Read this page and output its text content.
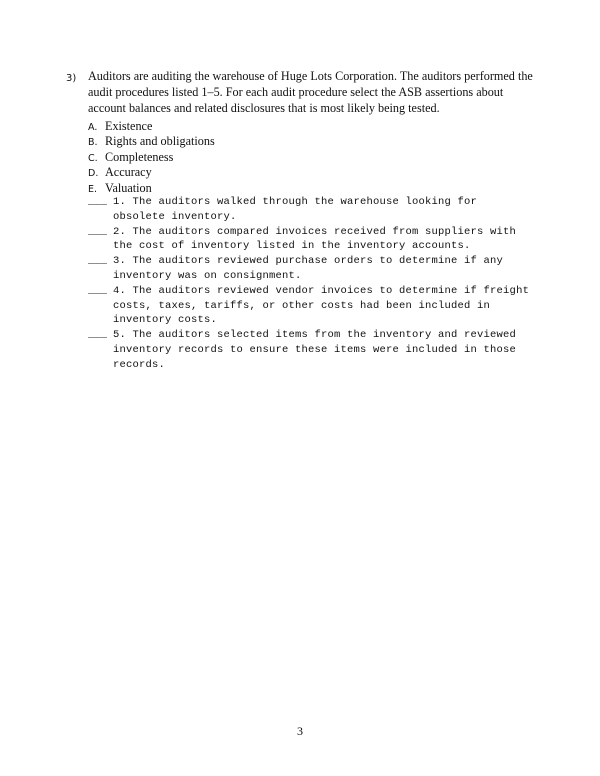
3) Auditors are auditing the warehouse of Huge Lots Corporation. The auditors performed the audit procedures listed 1–5. For each audit procedure select the ASB assertions about account balances and related disclosures that is most likely being tested.
A. Existence
B. Rights and obligations
C. Completeness
D. Accuracy
E. Valuation
___ 1. The auditors walked through the warehouse looking for obsolete inventory.
___ 2. The auditors compared invoices received from suppliers with the cost of inventory listed in the inventory accounts.
___ 3. The auditors reviewed purchase orders to determine if any inventory was on consignment.
___ 4. The auditors reviewed vendor invoices to determine if freight costs, taxes, tariffs, or other costs had been included in inventory costs.
___ 5. The auditors selected items from the inventory and reviewed inventory records to ensure these items were included in those records.
3
